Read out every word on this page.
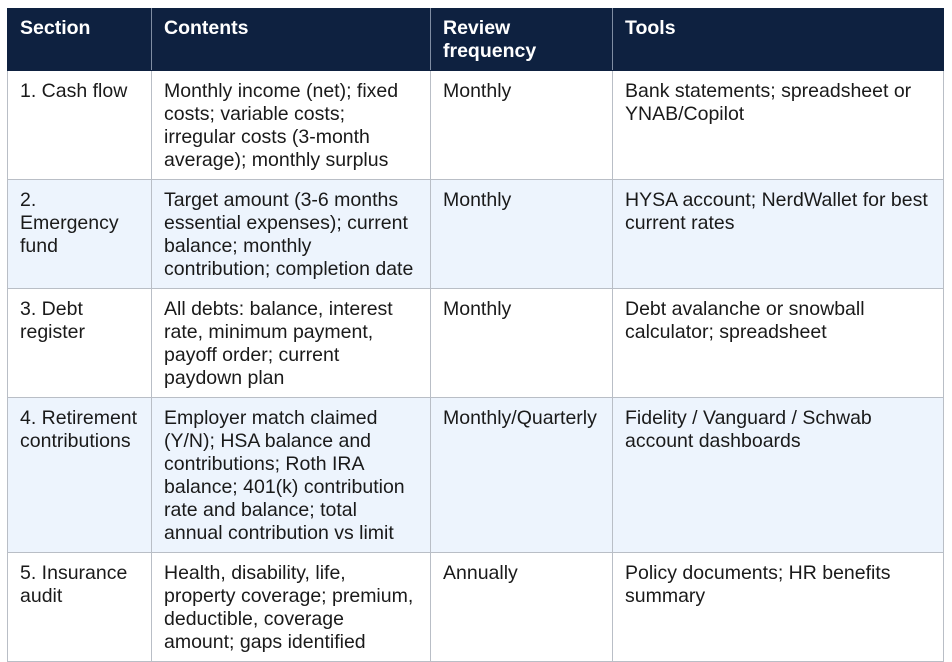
Section	Contents	Review frequency	Tools
1. Cash flow	Monthly income (net); fixed costs; variable costs; irregular costs (3-month average); monthly surplus	Monthly	Bank statements; spreadsheet or YNAB/Copilot
2. Emergency fund	Target amount (3-6 months essential expenses); current balance; monthly contribution; completion date	Monthly	HYSA account; NerdWallet for best current rates
3. Debt register	All debts: balance, interest rate, minimum payment, payoff order; current paydown plan	Monthly	Debt avalanche or snowball calculator; spreadsheet
4. Retirement contributions	Employer match claimed (Y/N); HSA balance and contributions; Roth IRA balance; 401(k) contribution rate and balance; total annual contribution vs limit	Monthly/Quarterly	Fidelity / Vanguard / Schwab account dashboards
5. Insurance audit	Health, disability, life, property coverage; premium, deductible, coverage amount; gaps identified	Annually	Policy documents; HR benefits summary
